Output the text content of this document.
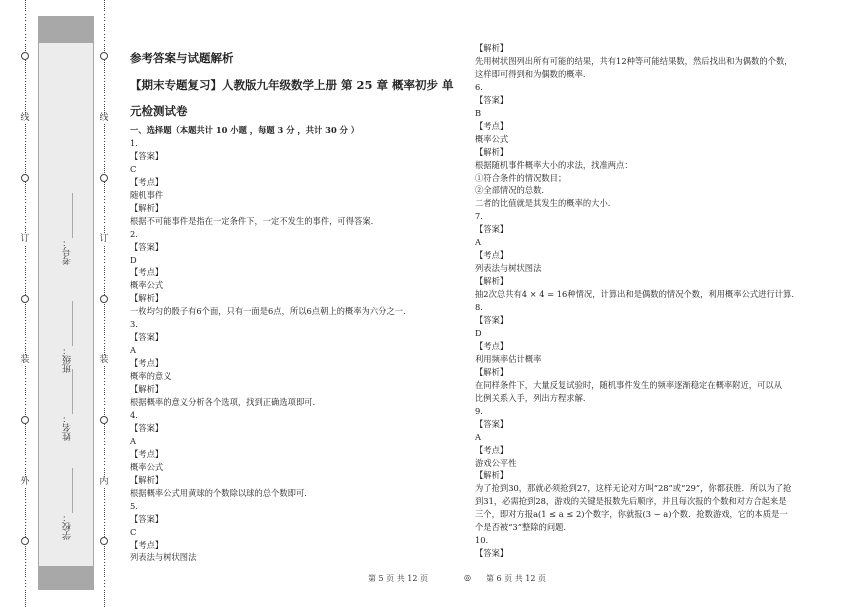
…
…
…
…
线
…
…
…
…
订
…
…
…
…
装
…
…
…
…
外
…
…
…
…
考号：__________
班级：__________
姓名：__________
学校：__________
…
…
…
…
线
…
…
…
…
订
…
…
…
…
装
…
…
…
…
内
…
…
…
…
参考答案与试题解析
【期末专题复习】人教版九年级数学上册 第 25 章 概率初步 单
元检测试卷
一、选择题（本题共计 10 小题 ，每题 3 分 ，共计 30 分 ）
1.
【答案】
C
【考点】
随机事件
【解析】
根据不可能事件是指在一定条件下，一定不发生的事件，可得答案.
2.
【答案】
D
【考点】
概率公式
【解析】
一枚均匀的骰子有6个面，只有一面是6点，所以6点朝上的概率为六分之一.
3.
【答案】
A
【考点】
概率的意义
【解析】
根据概率的意义分析各个选项，找到正确选项即可.
4.
【答案】
A
【考点】
概率公式
【解析】
根据概率公式用黄球的个数除以球的总个数即可.
5.
【答案】
C
【考点】
列表法与树状图法
【解析】
先用树状图列出所有可能的结果，共有12种等可能结果数，然后找出和为偶数的个数，
这样即可得到和为偶数的概率.
6.
【答案】
B
【考点】
概率公式
【解析】
根据随机事件概率大小的求法，找准两点：
①符合条件的情况数目；
②全部情况的总数.
二者的比值就是其发生的概率的大小.
7.
【答案】
A
【考点】
列表法与树状图法
【解析】
抽2次总共有4 × 4 = 16种情况，计算出和是偶数的情况个数，利用概率公式进行计算.
8.
【答案】
D
【考点】
利用频率估计概率
【解析】
在同样条件下，大量反复试验时，随机事件发生的频率逐渐稳定在概率附近，可以从
比例关系入手，列出方程求解.
9.
【答案】
A
【考点】
游戏公平性
【解析】
为了抢到30，那就必须抢到27，这样无论对方叫“28”或“29”，你都获胜．所以为了抢
到31，必需抢到28，游戏的关键是报数先后顺序，并且每次报的个数和对方合起来是
三个，即对方报a(1 ≤ a ≤ 2)个数字，你就报(3 − a)个数．抢数游戏，它的本质是一
个是否被“3”整除的问题.
10.
【答案】
第 5 页 共 12 页	◎ 第 6 页 共 12 页
